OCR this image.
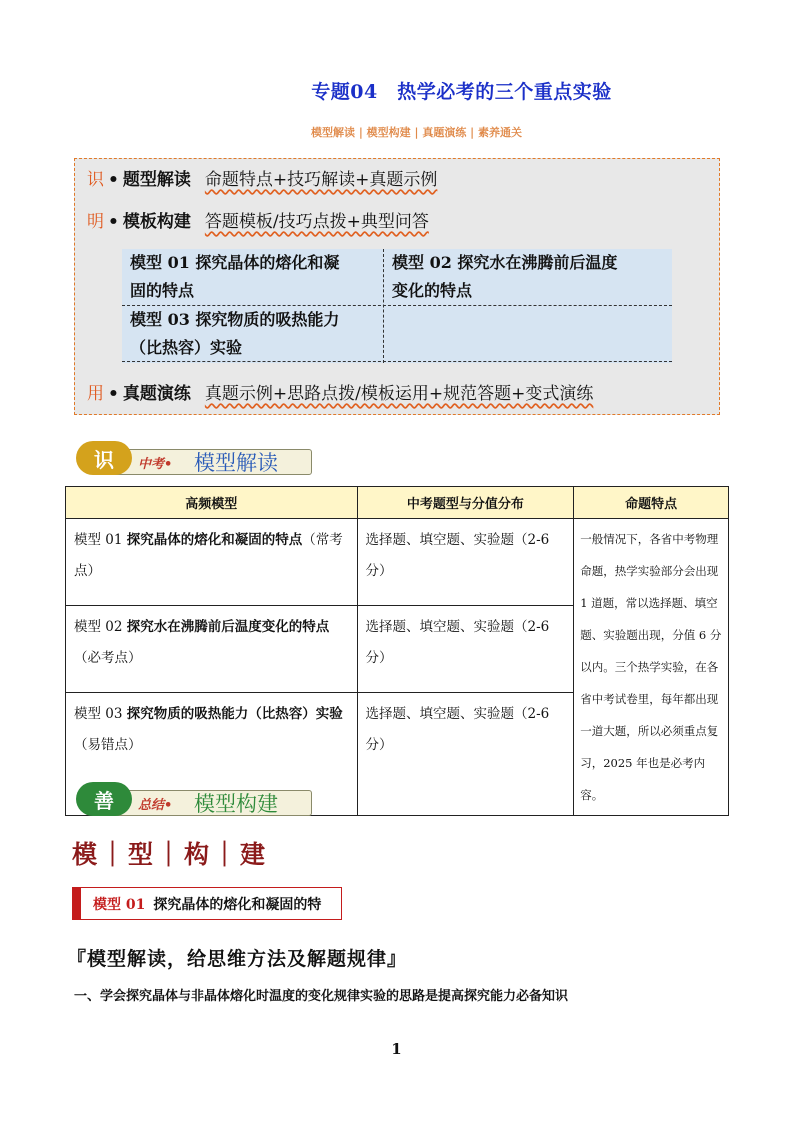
专题04　热学必考的三个重点实验
模型解读 | 模型构建 | 真题演练 | 素养通关
识 • 题型解读 命题特点+技巧解读+真题示例
明 • 模板构建 答题模板/技巧点拨+典型问答
模型 01 探究晶体的熔化和凝
固的特点
模型 02 探究水在沸腾前后温度
变化的特点
模型 03 探究物质的吸热能力
（比热容）实验
用 • 真题演练 真题示例+思路点拨/模板运用+规范答题+变式演练
识	中考• 模型解读
高频模型	中考题型与分值分布	命题特点
模型 01 探究晶体的熔化和凝固的特点（常考点）	选择题、填空题、实验题（2-6 分）	一般情况下，各省中考物理命题，热学实验部分会出现 1 道题，常以选择题、填空题、实验题出现，分值 6 分以内。三个热学实验，在各省中考试卷里，每年都出现一道大题，所以必须重点复习，2025 年也是必考内容。
模型 02 探究水在沸腾前后温度变化的特点（必考点）	选择题、填空题、实验题（2-6 分）	
模型 03 探究物质的吸热能力（比热容）实验（易错点）	选择题、填空题、实验题（2-6 分）	
善	总结• 模型构建
模｜型｜构｜建
模型 01 探究晶体的熔化和凝固的特
『模型解读，给思维方法及解题规律』
一、学会探究晶体与非晶体熔化时温度的变化规律实验的思路是提高探究能力必备知识
1
